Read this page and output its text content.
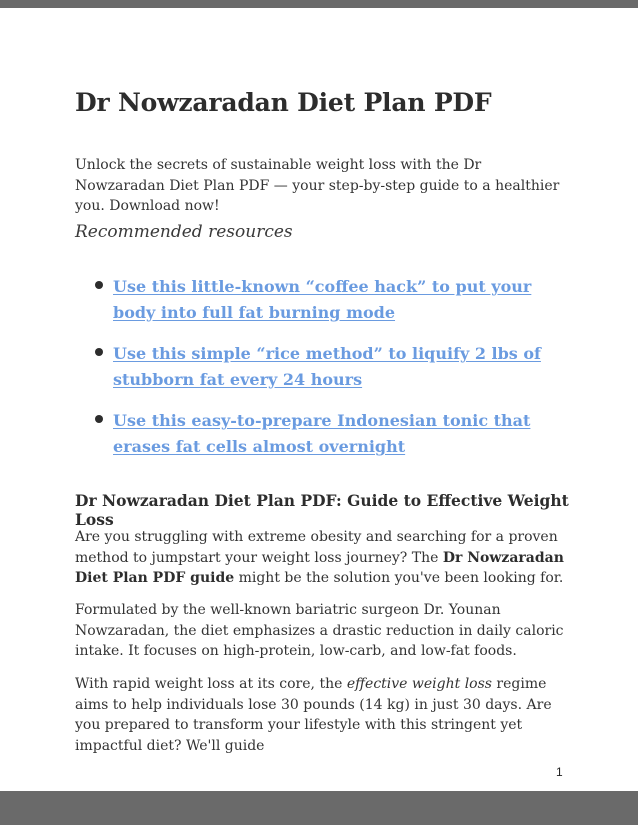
Dr Nowzaradan Diet Plan PDF

Unlock the secrets of sustainable weight loss with the Dr Nowzaradan Diet Plan PDF — your step-by-step guide to a healthier you. Download now!

Recommended resources

Use this little-known “coffee hack” to put your body into full fat burning mode
Use this simple “rice method” to liquify 2 lbs of stubborn fat every 24 hours
Use this easy-to-prepare Indonesian tonic that erases fat cells almost overnight
Dr Nowzaradan Diet Plan PDF: Guide to Effective Weight Loss

Are you struggling with extreme obesity and searching for a proven method to jumpstart your weight loss journey? The Dr Nowzaradan Diet Plan PDF guide might be the solution you've been looking for.

Formulated by the well-known bariatric surgeon Dr. Younan Nowzaradan, the diet emphasizes a drastic reduction in daily caloric intake. It focuses on high-protein, low-carb, and low-fat foods.

With rapid weight loss at its core, the effective weight loss regime aims to help individuals lose 30 pounds (14 kg) in just 30 days. Are you prepared to transform your lifestyle with this stringent yet impactful diet? We'll guide

1
